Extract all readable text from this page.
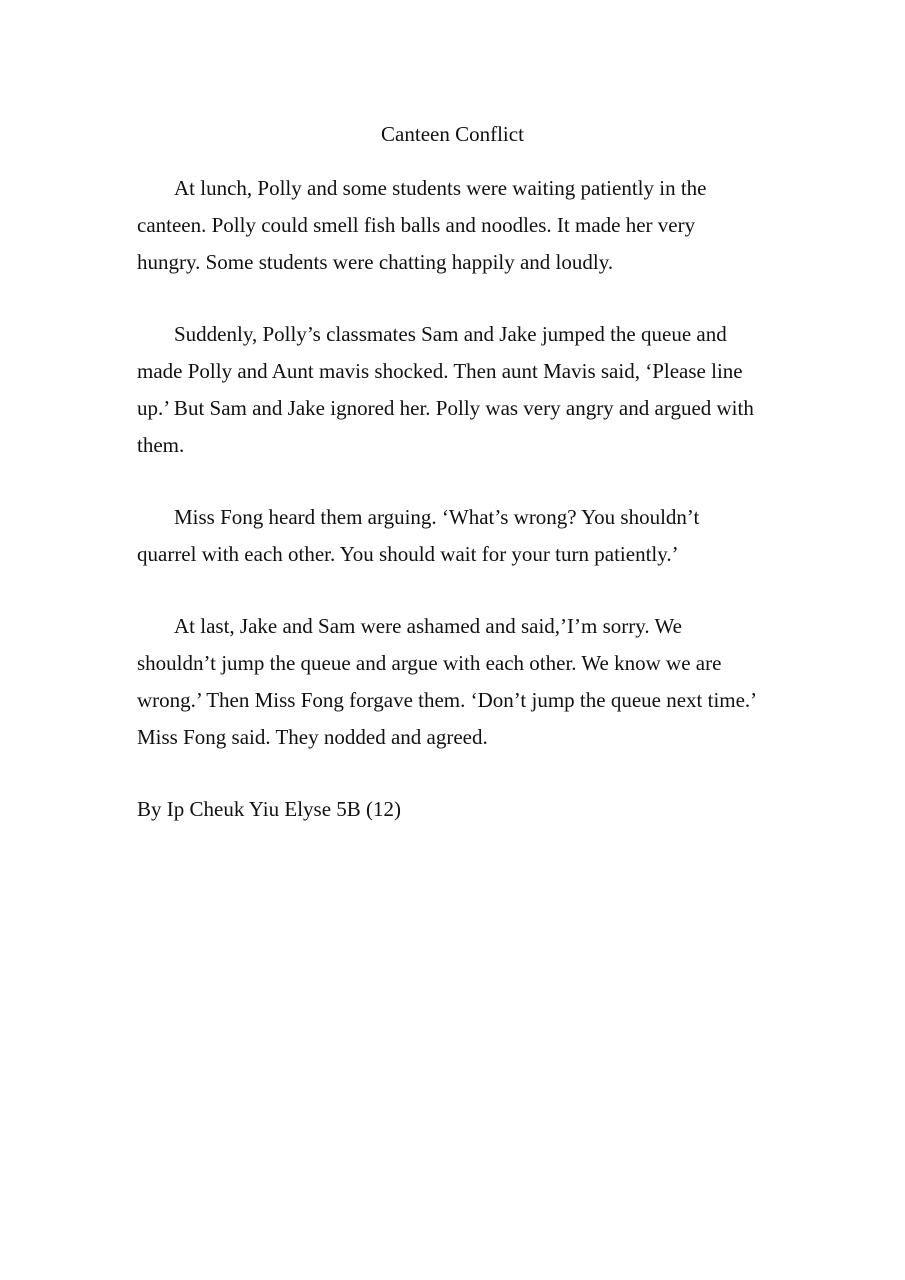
Canteen Conflict

At lunch, Polly and some students were waiting patiently in the
canteen. Polly could smell fish balls and noodles. It made her very
hungry. Some students were chatting happily and loudly.

Suddenly, Polly’s classmates Sam and Jake jumped the queue and
made Polly and Aunt mavis shocked. Then aunt Mavis said, ‘Please line
up.’ But Sam and Jake ignored her. Polly was very angry and argued with
them.

Miss Fong heard them arguing. ‘What’s wrong? You shouldn’t
quarrel with each other. You should wait for your turn patiently.’

At last, Jake and Sam were ashamed and said,’I’m sorry. We
shouldn’t jump the queue and argue with each other. We know we are
wrong.’ Then Miss Fong forgave them. ‘Don’t jump the queue next time.’
Miss Fong said. They nodded and agreed.

By Ip Cheuk Yiu Elyse 5B (12)
